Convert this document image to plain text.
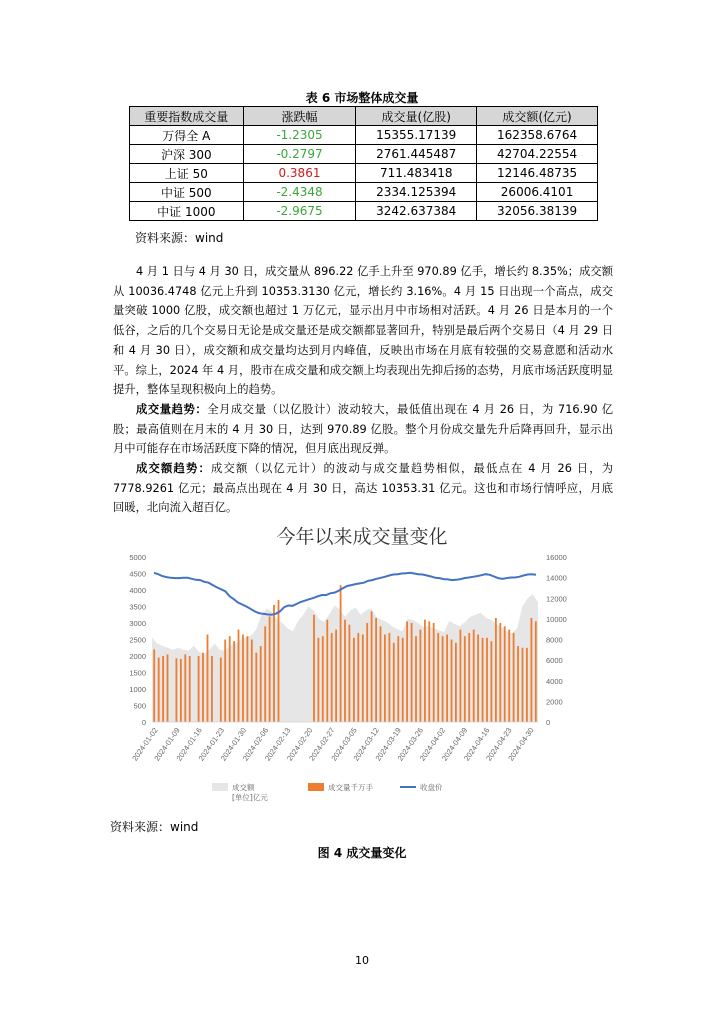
表 6 市场整体成交量
重要指数成交量	涨跌幅	成交量(亿股)	成交额(亿元)
万得全 A	-1.2305	15355.17139	162358.6764
沪深 300	-0.2797	2761.445487	42704.22554
上证 50	0.3861	711.483418	12146.48735
中证 500	-2.4348	2334.125394	26006.4101
中证 1000	-2.9675	3242.637384	32056.38139
资料来源：wind

4 月 1 日与 4 月 30 日，成交量从 896.22 亿手上升至 970.89 亿手，增长约 8.35%；成交额从 10036.4748 亿元上升到 10353.3130 亿元，增长约 3.16%。4 月 15 日出现一个高点，成交量突破 1000 亿股，成交额也超过 1 万亿元，显示出月中市场相对活跃。4 月 26 日是本月的一个低谷，之后的几个交易日无论是成交量还是成交额都显著回升，特别是最后两个交易日（4 月 29 日和 4 月 30 日），成交额和成交量均达到月内峰值，反映出市场在月底有较强的交易意愿和活动水平。综上，2024 年 4 月，股市在成交量和成交额上均表现出先抑后扬的态势，月底市场活跃度明显提升，整体呈现积极向上的趋势。

成交量趋势：全月成交量（以亿股计）波动较大，最低值出现在 4 月 26 日，为 716.90 亿股；最高值则在月末的 4 月 30 日，达到 970.89 亿股。整个月份成交量先升后降再回升，显示出月中可能存在市场活跃度下降的情况，但月底出现反弹。

成交额趋势：成交额（以亿元计）的波动与成交量趋势相似，最低点在 4 月 26 日，为 7778.9261 亿元；最高点出现在 4 月 30 日，高达 10353.31 亿元。这也和市场行情呼应，月底回暖，北向流入超百亿。

今年以来成交量变化
0
500
1000
1500
2000
2500
3000
3500
4000
4500
5000
0
2000
4000
6000
8000
10000
12000
14000
16000
2024-01-02
2024-01-09
2024-01-16
2024-01-23
2024-01-30
2024-02-06
2024-02-13
2024-02-20
2024-02-27
2024-03-05
2024-03-12
2024-03-19
2024-03-26
2024-04-02
2024-04-09
2024-04-16
2024-04-23
2024-04-30
成交额
[单位]亿元
成交量千万手	收盘价
资料来源：wind
图 4 成交量变化
10
